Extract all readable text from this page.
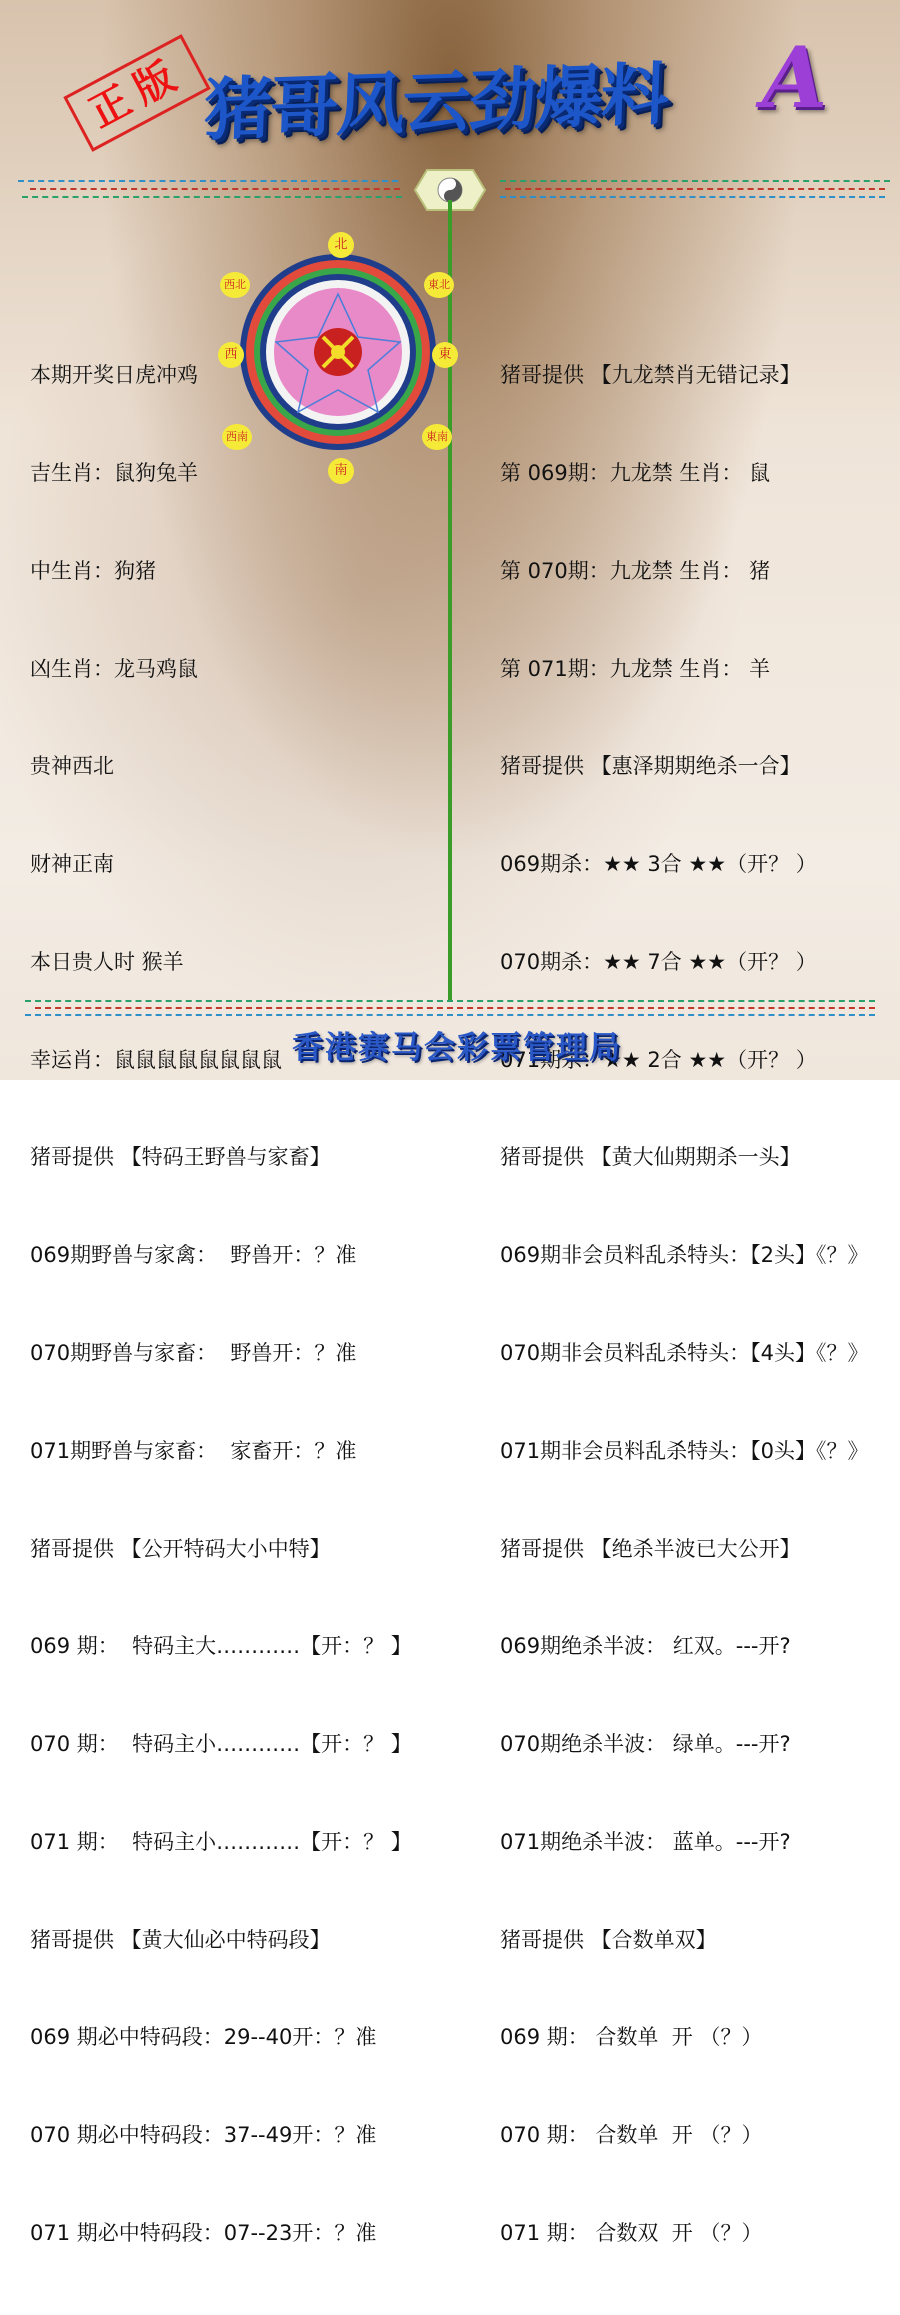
正版 猪哥风云劲爆料	A
北
東北
東
東南
南
西南
西
西北

本期开奖日虎冲鸡

吉生肖：鼠狗兔羊

中生肖：狗猪

凶生肖：龙马鸡鼠

贵神西北

财神正南

本日贵人时 猴羊

幸运肖：鼠鼠鼠鼠鼠鼠鼠鼠

猪哥提供 【特码王野兽与家畜】

069期野兽与家禽：  野兽开：？准

070期野兽与家畜：  野兽开：？准

071期野兽与家畜：  家畜开：？准

猪哥提供 【公开特码大小中特】

069 期：  特码主大…………【开：？ 】

070 期：  特码主小…………【开：？ 】

071 期：  特码主小…………【开：？ 】

猪哥提供 【黄大仙必中特码段】

069 期必中特码段：29--40开：？准

070 期必中特码段：37--49开：？准

071 期必中特码段：07--23开：？准

猪哥提供 【九龙禁肖无错记录】

第 069期：九龙禁 生肖： 鼠

第 070期：九龙禁 生肖： 猪

第 071期：九龙禁 生肖： 羊

猪哥提供 【惠泽期期绝杀一合】

069期杀：★★ 3合 ★★（开？ ）

070期杀：★★ 7合 ★★（开？ ）

071期杀：★★ 2合 ★★（开？ ）

猪哥提供 【黄大仙期期杀一头】

069期非会员料乱杀特头：【2头】《？》

070期非会员料乱杀特头：【4头】《？》

071期非会员料乱杀特头：【0头】《？》

猪哥提供 【绝杀半波已大公开】

069期绝杀半波： 红双。---开?

070期绝杀半波： 绿单。---开?

071期绝杀半波： 蓝单。---开?

猪哥提供 【合数单双】

069 期： 合数单  开 （？）

070 期： 合数单  开 （？）

071 期： 合数双  开 （？）

香港赛马会彩票管理局
